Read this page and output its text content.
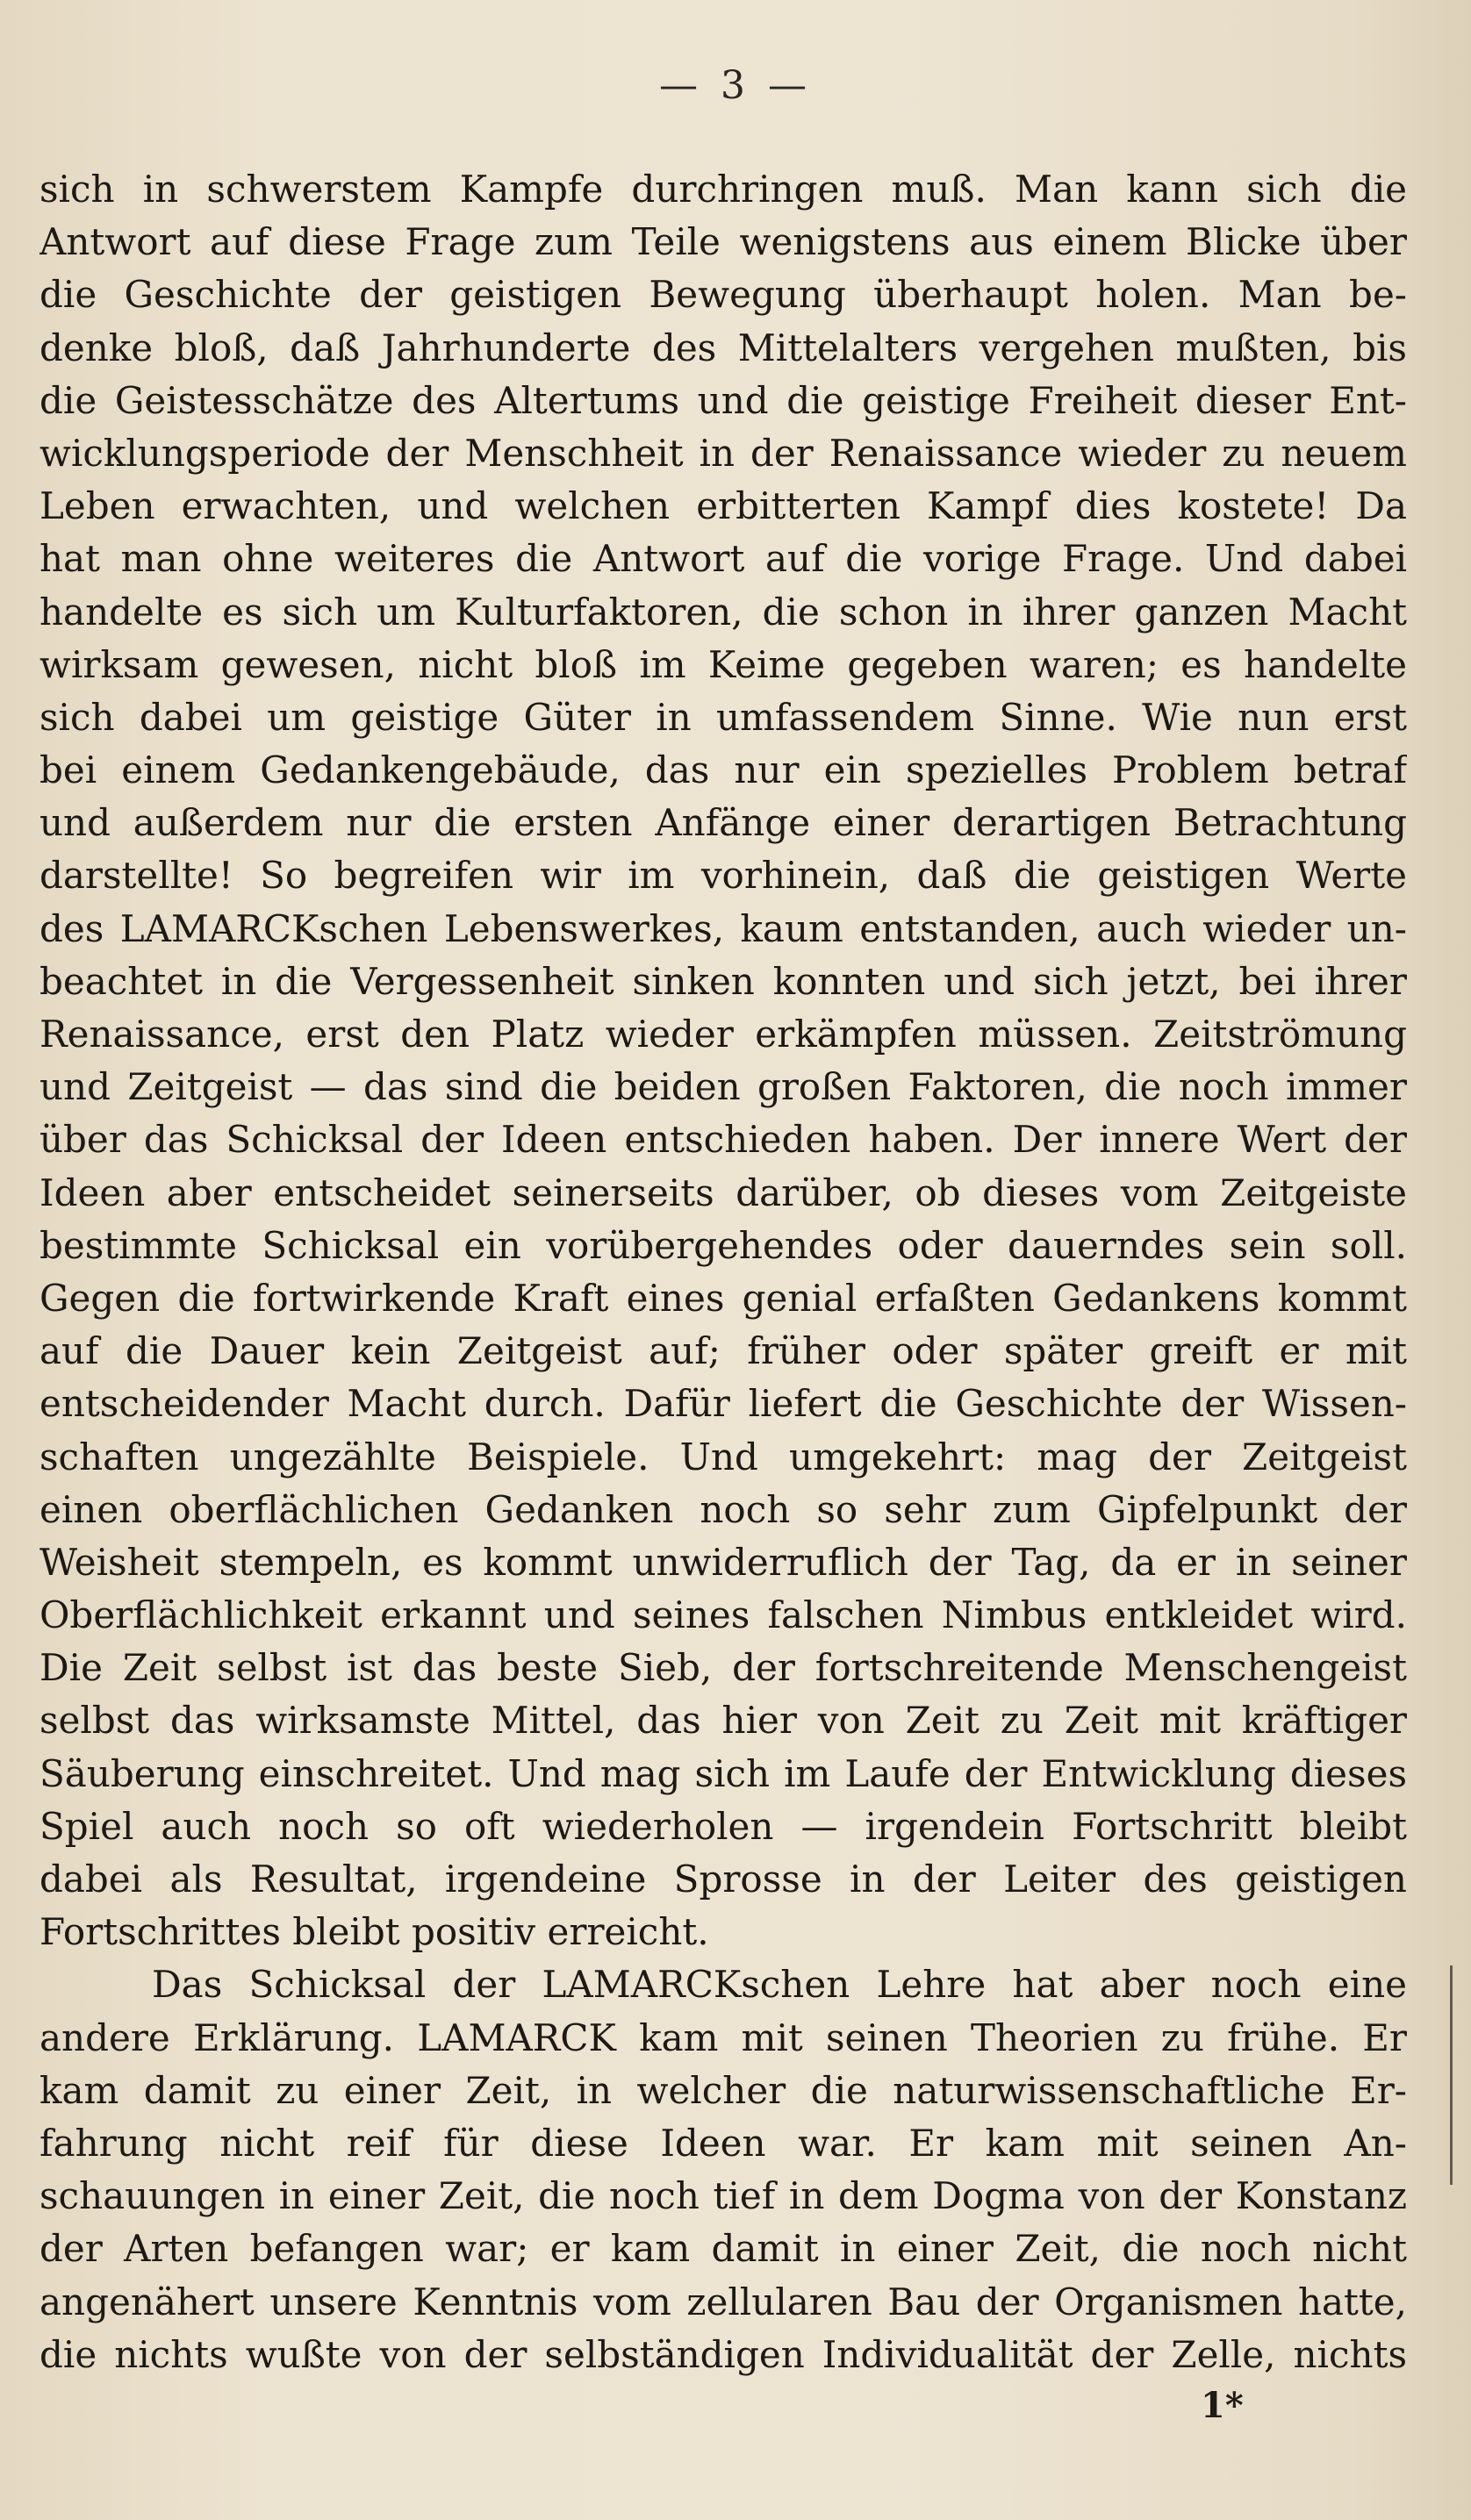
— 3 —
sich in schwerstem Kampfe durchringen muß. Man kann sich die
Antwort auf diese Frage zum Teile wenigstens aus einem Blicke über
die Geschichte der geistigen Bewegung überhaupt holen. Man be-
denke bloß, daß Jahrhunderte des Mittelalters vergehen mußten, bis
die Geistesschätze des Altertums und die geistige Freiheit dieser Ent-
wicklungsperiode der Menschheit in der Renaissance wieder zu neuem
Leben erwachten, und welchen erbitterten Kampf dies kostete! Da
hat man ohne weiteres die Antwort auf die vorige Frage. Und dabei
handelte es sich um Kulturfaktoren, die schon in ihrer ganzen Macht
wirksam gewesen, nicht bloß im Keime gegeben waren; es handelte
sich dabei um geistige Güter in umfassendem Sinne. Wie nun erst
bei einem Gedankengebäude, das nur ein spezielles Problem betraf
und außerdem nur die ersten Anfänge einer derartigen Betrachtung
darstellte! So begreifen wir im vorhinein, daß die geistigen Werte
des LAMARCKschen Lebenswerkes, kaum entstanden, auch wieder un-
beachtet in die Vergessenheit sinken konnten und sich jetzt, bei ihrer
Renaissance, erst den Platz wieder erkämpfen müssen. Zeitströmung
und Zeitgeist — das sind die beiden großen Faktoren, die noch immer
über das Schicksal der Ideen entschieden haben. Der innere Wert der
Ideen aber entscheidet seinerseits darüber, ob dieses vom Zeitgeiste
bestimmte Schicksal ein vorübergehendes oder dauerndes sein soll.
Gegen die fortwirkende Kraft eines genial erfaßten Gedankens kommt
auf die Dauer kein Zeitgeist auf; früher oder später greift er mit
entscheidender Macht durch. Dafür liefert die Geschichte der Wissen-
schaften ungezählte Beispiele. Und umgekehrt: mag der Zeitgeist
einen oberflächlichen Gedanken noch so sehr zum Gipfelpunkt der
Weisheit stempeln, es kommt unwiderruflich der Tag, da er in seiner
Oberflächlichkeit erkannt und seines falschen Nimbus entkleidet wird.
Die Zeit selbst ist das beste Sieb, der fortschreitende Menschengeist
selbst das wirksamste Mittel, das hier von Zeit zu Zeit mit kräftiger
Säuberung einschreitet. Und mag sich im Laufe der Entwicklung dieses
Spiel auch noch so oft wiederholen — irgendein Fortschritt bleibt
dabei als Resultat, irgendeine Sprosse in der Leiter des geistigen
Fortschrittes bleibt positiv erreicht.
Das Schicksal der LAMARCKschen Lehre hat aber noch eine
andere Erklärung. LAMARCK kam mit seinen Theorien zu frühe. Er
kam damit zu einer Zeit, in welcher die naturwissenschaftliche Er-
fahrung nicht reif für diese Ideen war. Er kam mit seinen An-
schauungen in einer Zeit, die noch tief in dem Dogma von der Konstanz
der Arten befangen war; er kam damit in einer Zeit, die noch nicht
angenähert unsere Kenntnis vom zellularen Bau der Organismen hatte,
die nichts wußte von der selbständigen Individualität der Zelle, nichts
1*
